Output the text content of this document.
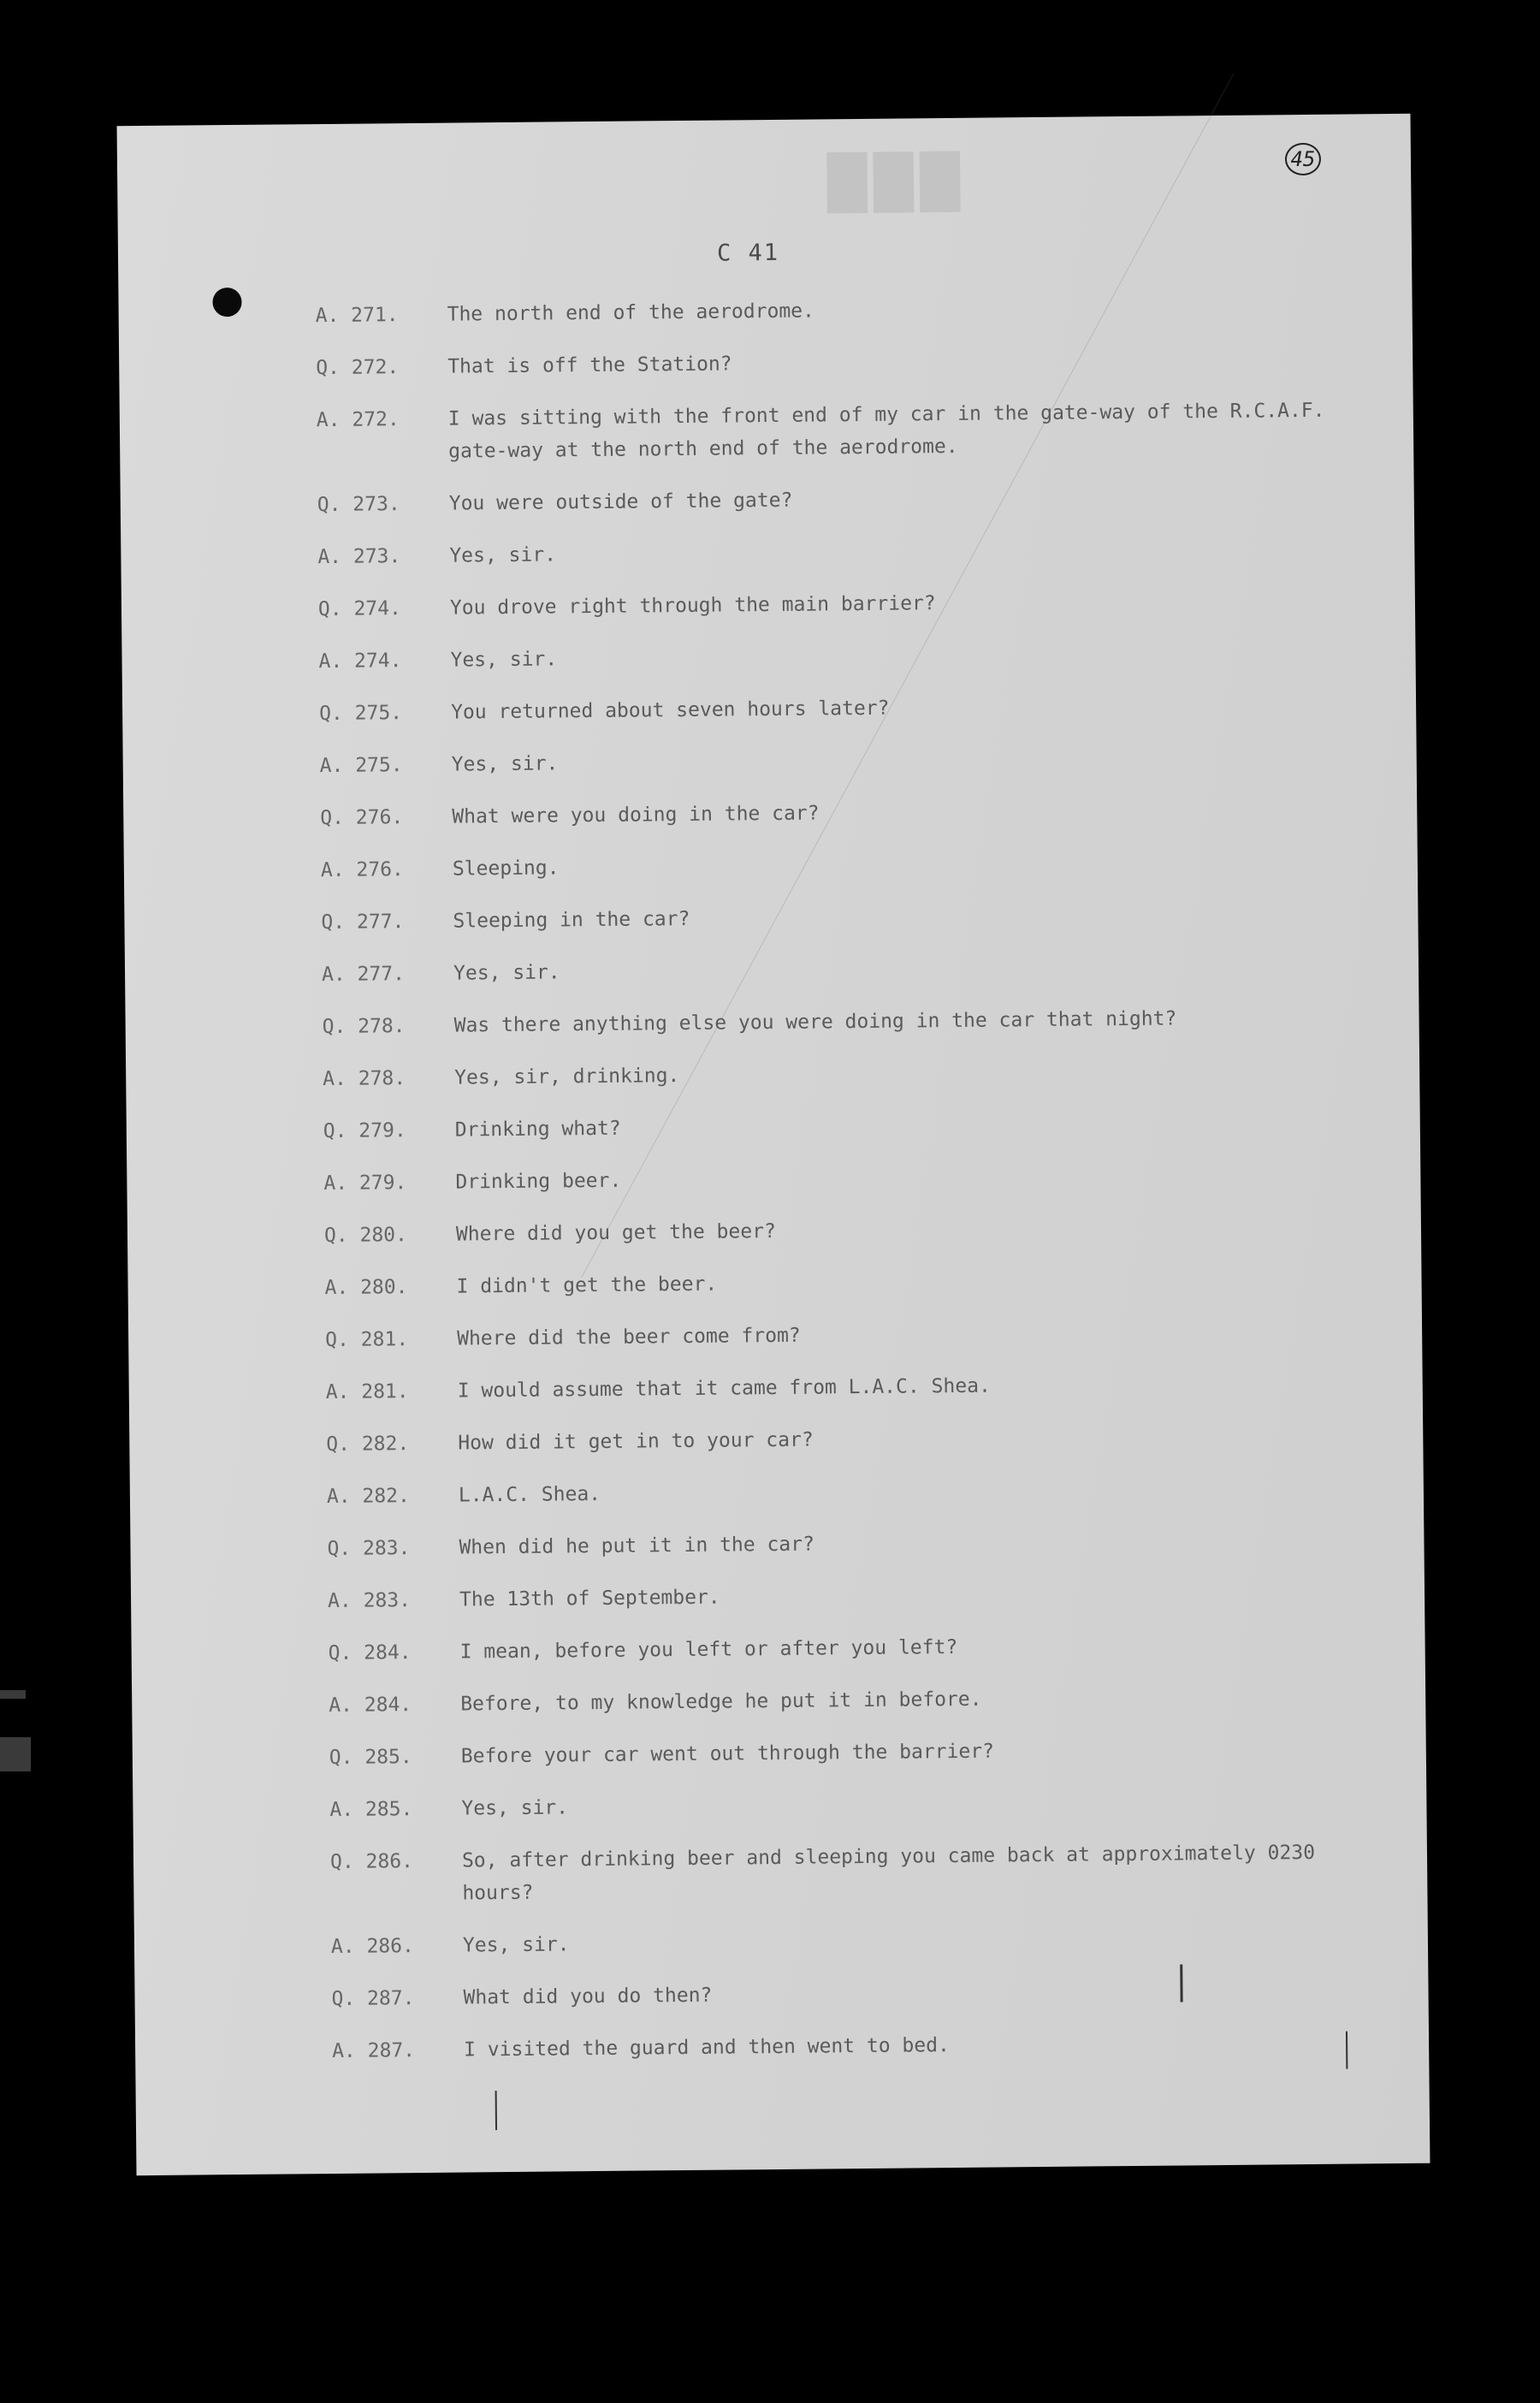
███	45
C 41
A. 271.	The north end of the aerodrome.
Q. 272.	That is off the Station?
A. 272.	I was sitting with the front end of my car in the gate-way of the R.C.A.F. gate-way at the north end of the aerodrome.
Q. 273.	You were outside of the gate?
A. 273.	Yes, sir.
Q. 274.	You drove right through the main barrier?
A. 274.	Yes, sir.
Q. 275.	You returned about seven hours later?
A. 275.	Yes, sir.
Q. 276.	What were you doing in the car?
A. 276.	Sleeping.
Q. 277.	Sleeping in the car?
A. 277.	Yes, sir.
Q. 278.	Was there anything else you were doing in the car that night?
A. 278.	Yes, sir, drinking.
Q. 279.	Drinking what?
A. 279.	Drinking beer.
Q. 280.	Where did you get the beer?
A. 280.	I didn't get the beer.
Q. 281.	Where did the beer come from?
A. 281.	I would assume that it came from L.A.C. Shea.
Q. 282.	How did it get in to your car?
A. 282.	L.A.C. Shea.
Q. 283.	When did he put it in the car?
A. 283.	The 13th of September.
Q. 284.	I mean, before you left or after you left?
A. 284.	Before, to my knowledge he put it in before.
Q. 285.	Before your car went out through the barrier?
A. 285.	Yes, sir.
Q. 286.	So, after drinking beer and sleeping you came back at approximately 0230 hours?
A. 286.	Yes, sir.
Q. 287.	What did you do then?
A. 287.	I visited the guard and then went to bed.
